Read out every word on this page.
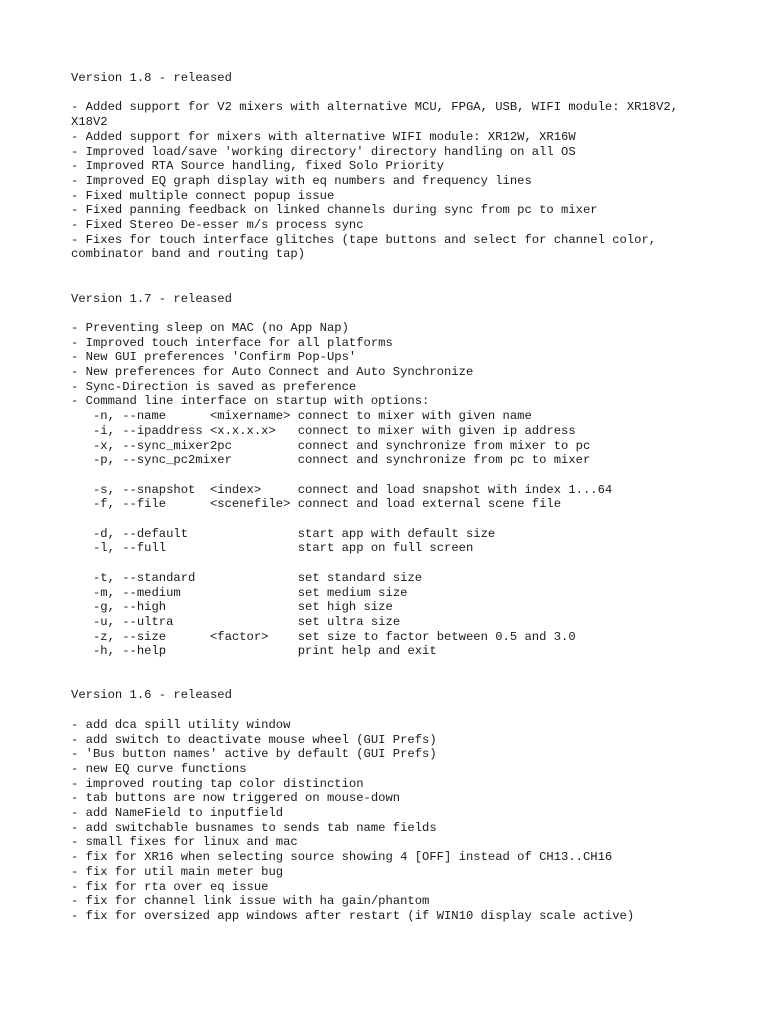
Version 1.8 - released

- Added support for V2 mixers with alternative MCU, FPGA, USB, WIFI module: XR18V2,
X18V2

- Added support for mixers with alternative WIFI module: XR12W, XR16W

- Improved load/save 'working directory' directory handling on all OS

- Improved RTA Source handling, fixed Solo Priority

- Improved EQ graph display with eq numbers and frequency lines

- Fixed multiple connect popup issue

- Fixed panning feedback on linked channels during sync from pc to mixer

- Fixed Stereo De-esser m/s process sync

- Fixes for touch interface glitches (tape buttons and select for channel color,
combinator band and routing tap)

Version 1.7 - released

- Preventing sleep on MAC (no App Nap)

- Improved touch interface for all platforms

- New GUI preferences 'Confirm Pop-Ups'

- New preferences for Auto Connect and Auto Synchronize

- Sync-Direction is saved as preference

- Command line interface on startup with options:

-n, --name      <mixername> connect to mixer with given name

-i, --ipaddress <x.x.x.x>   connect to mixer with given ip address

-x, --sync_mixer2pc         connect and synchronize from mixer to pc

-p, --sync_pc2mixer         connect and synchronize from pc to mixer

-s, --snapshot  <index>     connect and load snapshot with index 1...64

-f, --file      <scenefile> connect and load external scene file

-d, --default               start app with default size

-l, --full                  start app on full screen

-t, --standard              set standard size

-m, --medium                set medium size

-g, --high                  set high size

-u, --ultra                 set ultra size

-z, --size      <factor>    set size to factor between 0.5 and 3.0

-h, --help                  print help and exit

Version 1.6 - released

- add dca spill utility window

- add switch to deactivate mouse wheel (GUI Prefs)

- 'Bus button names' active by default (GUI Prefs)

- new EQ curve functions

- improved routing tap color distinction

- tab buttons are now triggered on mouse-down

- add NameField to inputfield

- add switchable busnames to sends tab name fields

- small fixes for linux and mac

- fix for XR16 when selecting source showing 4 [OFF] instead of CH13..CH16

- fix for util main meter bug

- fix for rta over eq issue

- fix for channel link issue with ha gain/phantom

- fix for oversized app windows after restart (if WIN10 display scale active)
